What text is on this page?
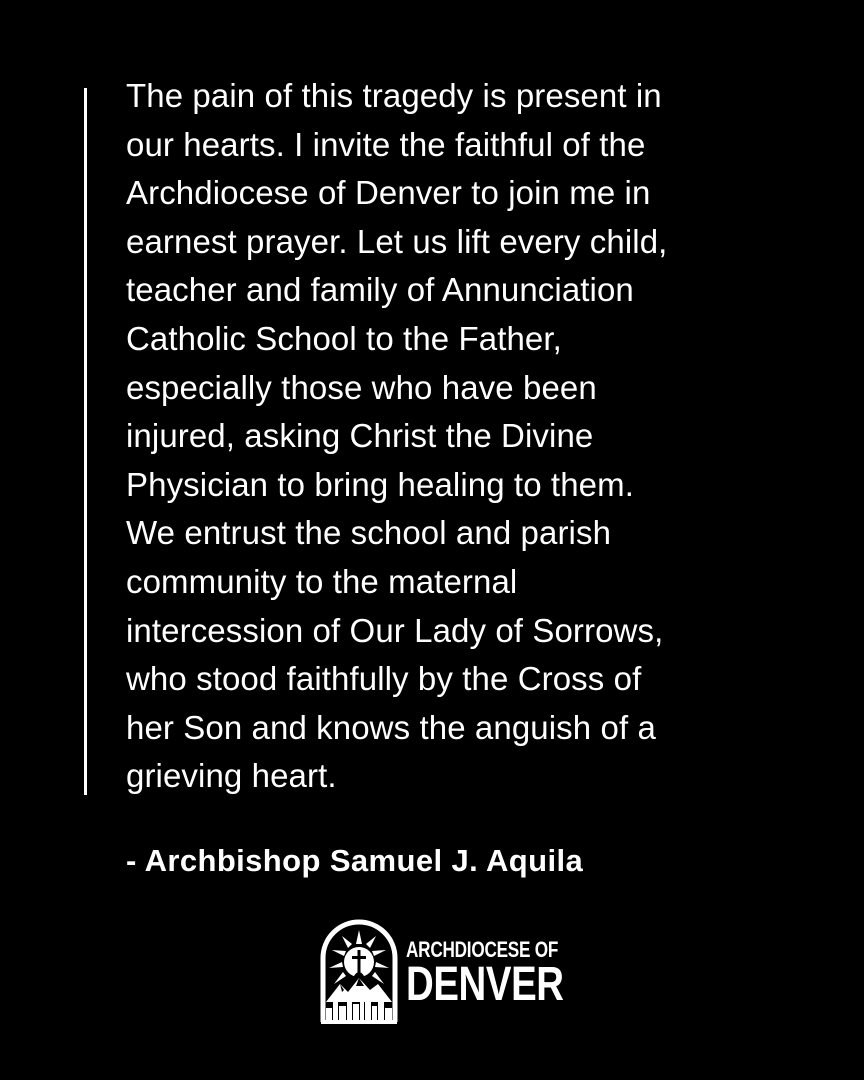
The pain of this tragedy is present in
our hearts. I invite the faithful of the
Archdiocese of Denver to join me in
earnest prayer. Let us lift every child,
teacher and family of Annunciation
Catholic School to the Father,
especially those who have been
injured, asking Christ the Divine
Physician to bring healing to them.
We entrust the school and parish
community to the maternal
intercession of Our Lady of Sorrows,
who stood faithfully by the Cross of
her Son and knows the anguish of a
grieving heart.
- Archbishop Samuel J. Aquila
ARCHDIOCESE OF
DENVER
